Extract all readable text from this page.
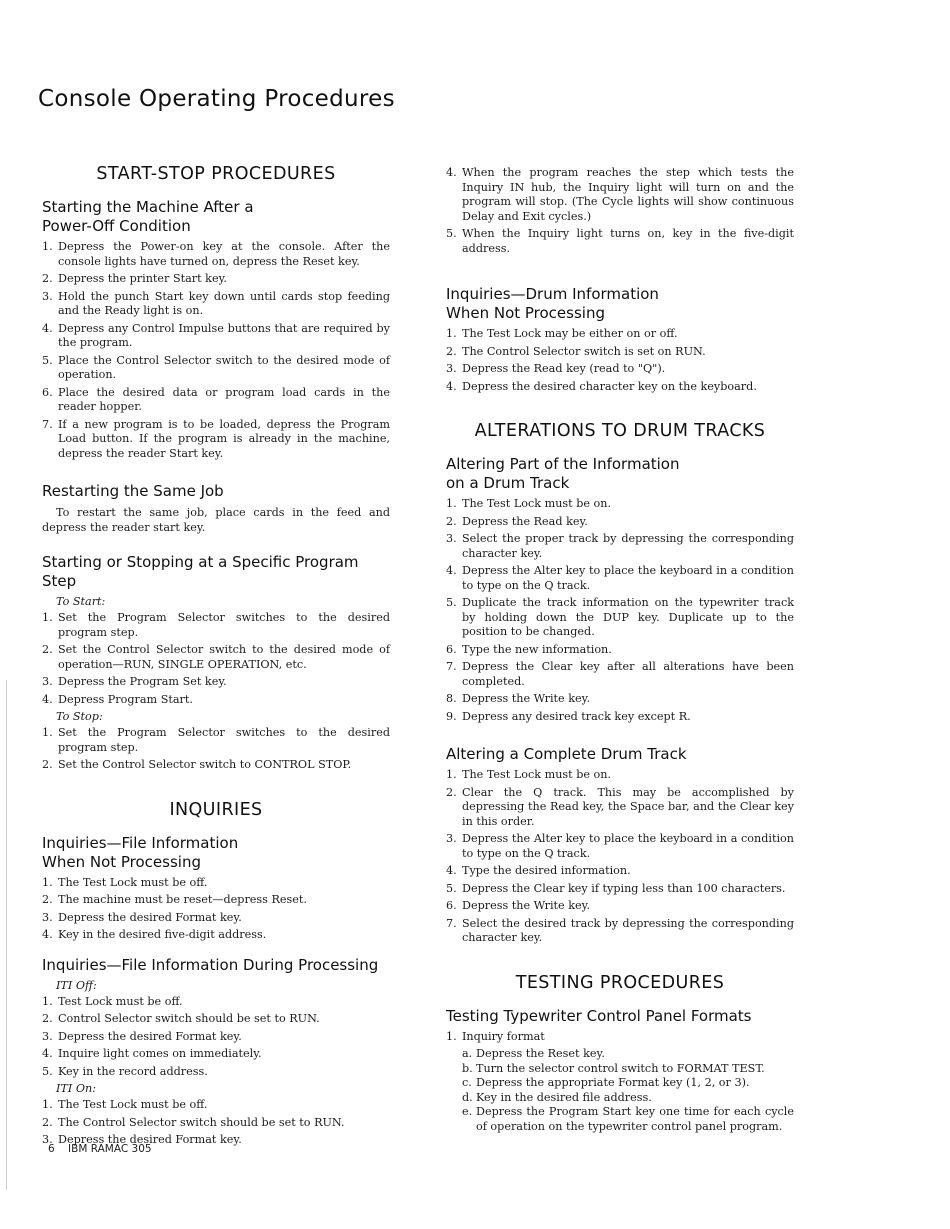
Console Operating Procedures
START-STOP PROCEDURES
Starting the Machine After a
Power-Off Condition
1. Depress the Power-on key at the console. After the console lights have turned on, depress the Reset key.
2. Depress the printer Start key.
3. Hold the punch Start key down until cards stop feeding and the Ready light is on.
4. Depress any Control Impulse buttons that are required by the program.
5. Place the Control Selector switch to the desired mode of operation.
6. Place the desired data or program load cards in the reader hopper.
7. If a new program is to be loaded, depress the Program Load button. If the program is already in the machine, depress the reader Start key.
Restarting the Same Job

To restart the same job, place cards in the feed and depress the reader start key.

Starting or Stopping at a Specific Program Step
To Start:
1. Set the Program Selector switches to the desired program step.
2. Set the Control Selector switch to the desired mode of operation—RUN, SINGLE OPERATION, etc.
3. Depress the Program Set key.
4. Depress Program Start.
To Stop:
1. Set the Program Selector switches to the desired program step.
2. Set the Control Selector switch to CONTROL STOP.
INQUIRIES
Inquiries—File Information
When Not Processing
1. The Test Lock must be off.
2. The machine must be reset—depress Reset.
3. Depress the desired Format key.
4. Key in the desired five-digit address.
Inquiries—File Information During Processing
ITI Off:
1. Test Lock must be off.
2. Control Selector switch should be set to RUN.
3. Depress the desired Format key.
4. Inquire light comes on immediately.
5. Key in the record address.
ITI On:
1. The Test Lock must be off.
2. The Control Selector switch should be set to RUN.
3. Depress the desired Format key.
4. When the program reaches the step which tests the Inquiry IN hub, the Inquiry light will turn on and the program will stop. (The Cycle lights will show continuous Delay and Exit cycles.)
5. When the Inquiry light turns on, key in the five-digit address.
Inquiries—Drum Information
When Not Processing
1. The Test Lock may be either on or off.
2. The Control Selector switch is set on RUN.
3. Depress the Read key (read to "Q").
4. Depress the desired character key on the keyboard.
ALTERATIONS TO DRUM TRACKS
Altering Part of the Information
on a Drum Track
1. The Test Lock must be on.
2. Depress the Read key.
3. Select the proper track by depressing the corresponding character key.
4. Depress the Alter key to place the keyboard in a condition to type on the Q track.
5. Duplicate the track information on the typewriter track by holding down the DUP key. Duplicate up to the position to be changed.
6. Type the new information.
7. Depress the Clear key after all alterations have been completed.
8. Depress the Write key.
9. Depress any desired track key except R.
Altering a Complete Drum Track
1. The Test Lock must be on.
2. Clear the Q track. This may be accomplished by depressing the Read key, the Space bar, and the Clear key in this order.
3. Depress the Alter key to place the keyboard in a condition to type on the Q track.
4. Type the desired information.
5. Depress the Clear key if typing less than 100 characters.
6. Depress the Write key.
7. Select the desired track by depressing the corresponding character key.
TESTING PROCEDURES
Testing Typewriter Control Panel Formats
1. Inquiry format
a. Depress the Reset key.
b. Turn the selector control switch to FORMAT TEST.
c. Depress the appropriate Format key (1, 2, or 3).
d. Key in the desired file address.
e. Depress the Program Start key one time for each cycle of operation on the typewriter control panel program.
6 IBM RAMAC 305
